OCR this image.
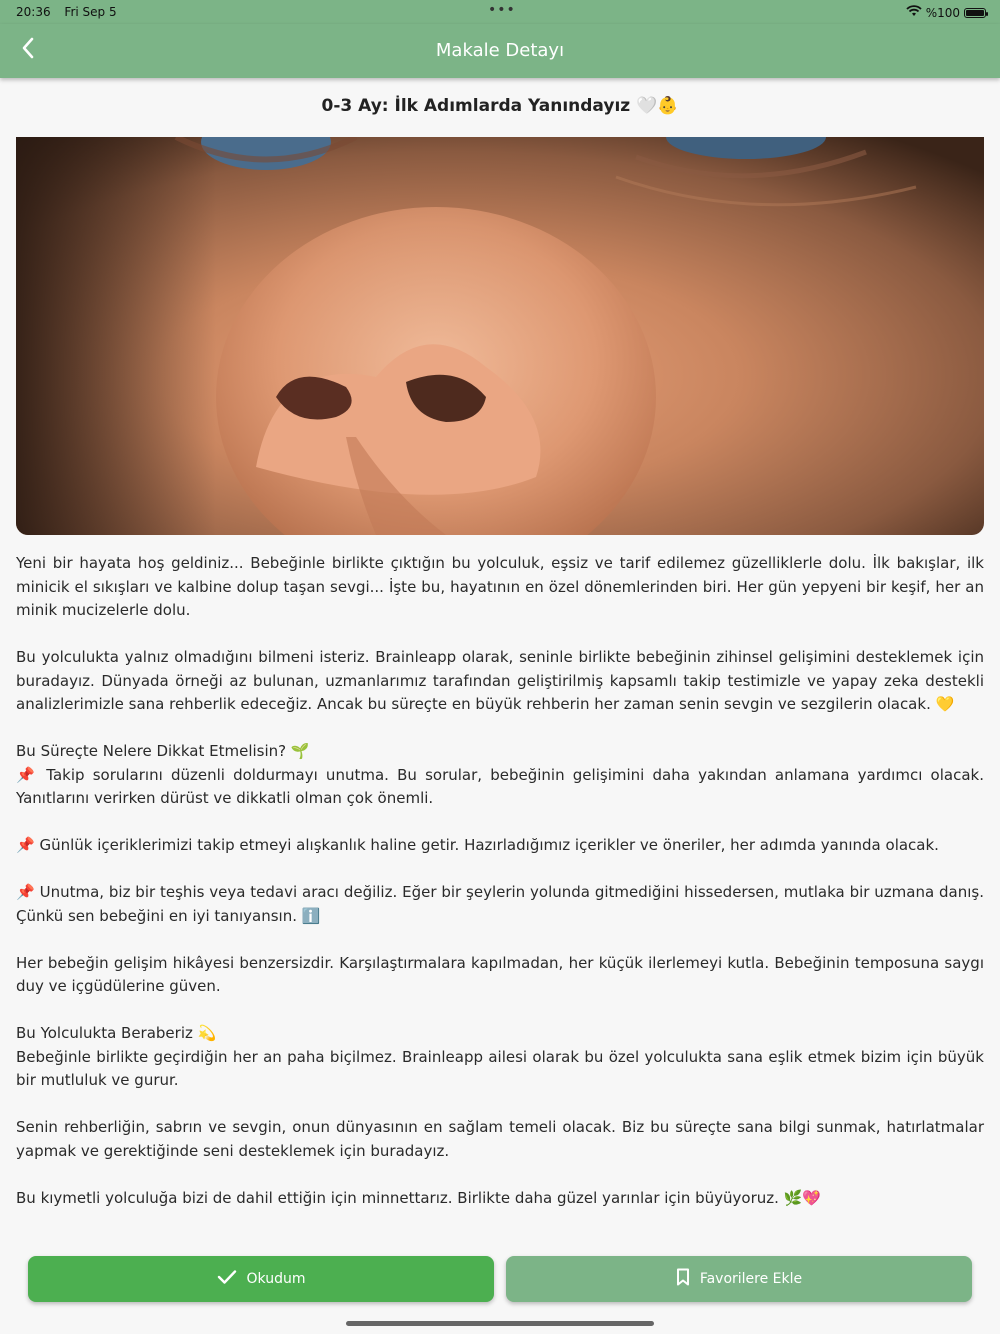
20:36 Fri Sep 5	•••	%100
Makale Detayı
0-3 Ay: İlk Adımlarda Yanındayız 🤍👶

Yeni bir hayata hoş geldiniz... Bebeğinle birlikte çıktığın bu yolculuk, eşsiz ve tarif edilemez güzelliklerle dolu. İlk bakışlar, ilk minicik el sıkışları ve kalbine dolup taşan sevgi... İşte bu, hayatının en özel dönemlerinden biri. Her gün yepyeni bir keşif, her an minik mucizelerle dolu.

Bu yolculukta yalnız olmadığını bilmeni isteriz. Brainleapp olarak, seninle birlikte bebeğinin zihinsel gelişimini desteklemek için buradayız. Dünyada örneği az bulunan, uzmanlarımız tarafından geliştirilmiş kapsamlı takip testimizle ve yapay zeka destekli analizlerimizle sana rehberlik edeceğiz. Ancak bu süreçte en büyük rehberin her zaman senin sevgin ve sezgilerin olacak. 💛

Bu Süreçte Nelere Dikkat Etmelisin? 🌱

📌 Takip sorularını düzenli doldurmayı unutma. Bu sorular, bebeğinin gelişimini daha yakından anlamana yardımcı olacak. Yanıtlarını verirken dürüst ve dikkatli olman çok önemli.

📌 Günlük içeriklerimizi takip etmeyi alışkanlık haline getir. Hazırladığımız içerikler ve öneriler, her adımda yanında olacak.

📌 Unutma, biz bir teşhis veya tedavi aracı değiliz. Eğer bir şeylerin yolunda gitmediğini hissedersen, mutlaka bir uzmana danış. Çünkü sen bebeğini en iyi tanıyansın. ℹ️

Her bebeğin gelişim hikâyesi benzersizdir. Karşılaştırmalara kapılmadan, her küçük ilerlemeyi kutla. Bebeğinin temposuna saygı duy ve içgüdülerine güven.

Bu Yolculukta Beraberiz 💫

Bebeğinle birlikte geçirdiğin her an paha biçilmez. Brainleapp ailesi olarak bu özel yolculukta sana eşlik etmek bizim için büyük bir mutluluk ve gurur.

Senin rehberliğin, sabrın ve sevgin, onun dünyasının en sağlam temeli olacak. Biz bu süreçte sana bilgi sunmak, hatırlatmalar yapmak ve gerektiğinde seni desteklemek için buradayız.

Bu kıymetli yolculuğa bizi de dahil ettiğin için minnettarız. Birlikte daha güzel yarınlar için büyüyoruz. 🌿💖

Okudum	Favorilere Ekle
